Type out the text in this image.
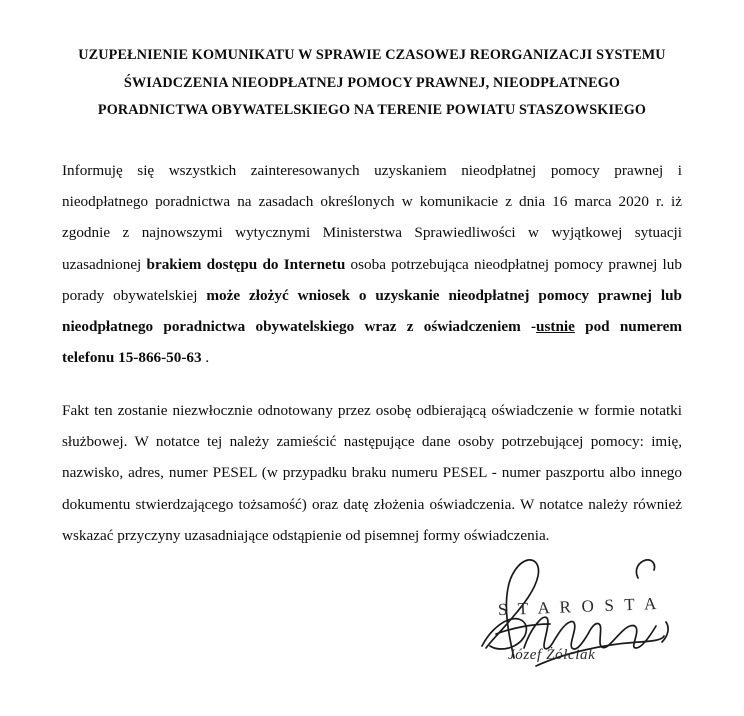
UZUPEŁNIENIE KOMUNIKATU W SPRAWIE CZASOWEJ REORGANIZACJI SYSTEMU
ŚWIADCZENIA NIEODPŁATNEJ POMOCY PRAWNEJ, NIEODPŁATNEGO
PORADNICTWA OBYWATELSKIEGO NA TERENIE POWIATU STASZOWSKIEGO

Informuję się wszystkich zainteresowanych uzyskaniem nieodpłatnej pomocy prawnej i nieodpłatnego poradnictwa na zasadach określonych w komunikacie z dnia 16 marca 2020 r. iż zgodnie z najnowszymi wytycznymi Ministerstwa Sprawiedliwości w wyjątkowej sytuacji uzasadnionej brakiem dostępu do Internetu osoba potrzebująca nieodpłatnej pomocy prawnej lub porady obywatelskiej może złożyć wniosek o uzyskanie nieodpłatnej pomocy prawnej lub nieodpłatnego poradnictwa obywatelskiego wraz z oświadczeniem -ustnie pod numerem telefonu 15-866-50-63 .

Fakt ten zostanie niezwłocznie odnotowany przez osobę odbierającą oświadczenie w formie notatki służbowej. W notatce tej należy zamieścić następujące dane osoby potrzebującej pomocy: imię, nazwisko, adres, numer PESEL (w przypadku braku numeru PESEL - numer paszportu albo innego dokumentu stwierdzającego tożsamość) oraz datę złożenia oświadczenia. W notatce należy również wskazać przyczyny uzasadniające odstąpienie od pisemnej formy oświadczenia.

S T A R O S T A
Józef Żółciak
